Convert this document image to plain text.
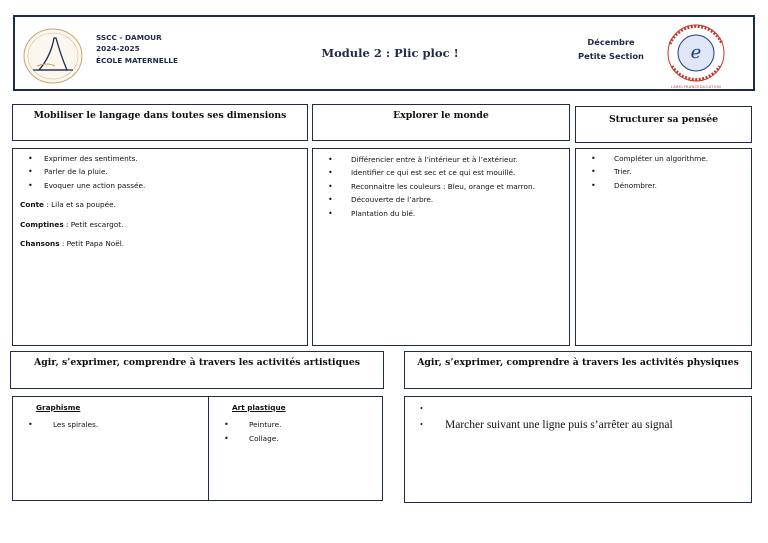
SSCC - DAMOUR
2024-2025
ÉCOLE MATERNELLE
Module 2 : Plic ploc !
Décembre
Petite Section	e
LABELFRANCÉDUCATION
Mobiliser le langage dans toutes ses dimensions	Explorer le monde	Structurer sa pensée
• Exprimer des sentiments.
• Parler de la pluie.
• Evoquer une action passée.

Conte : Lila et sa poupée.

Comptines : Petit escargot.

Chansons : Petit Papa Noël.

• Différencier entre à l’intérieur et à l’extérieur.
• Identifier ce qui est sec et ce qui est mouillé.
• Reconnaitre les couleurs : Bleu, orange et marron.
• Découverte de l’arbre.
• Plantation du blé.
• Compléter un algorithme.
• Trier.
• Dénombrer.
Agir, s’exprimer, comprendre à travers les activités artistiques	Agir, s’exprimer, comprendre à travers les activités physiques
Graphisme
• Les spirales.
Art plastique
• Peinture.
• Collage.
•
• Marcher suivant une ligne puis s’arrêter au signal
